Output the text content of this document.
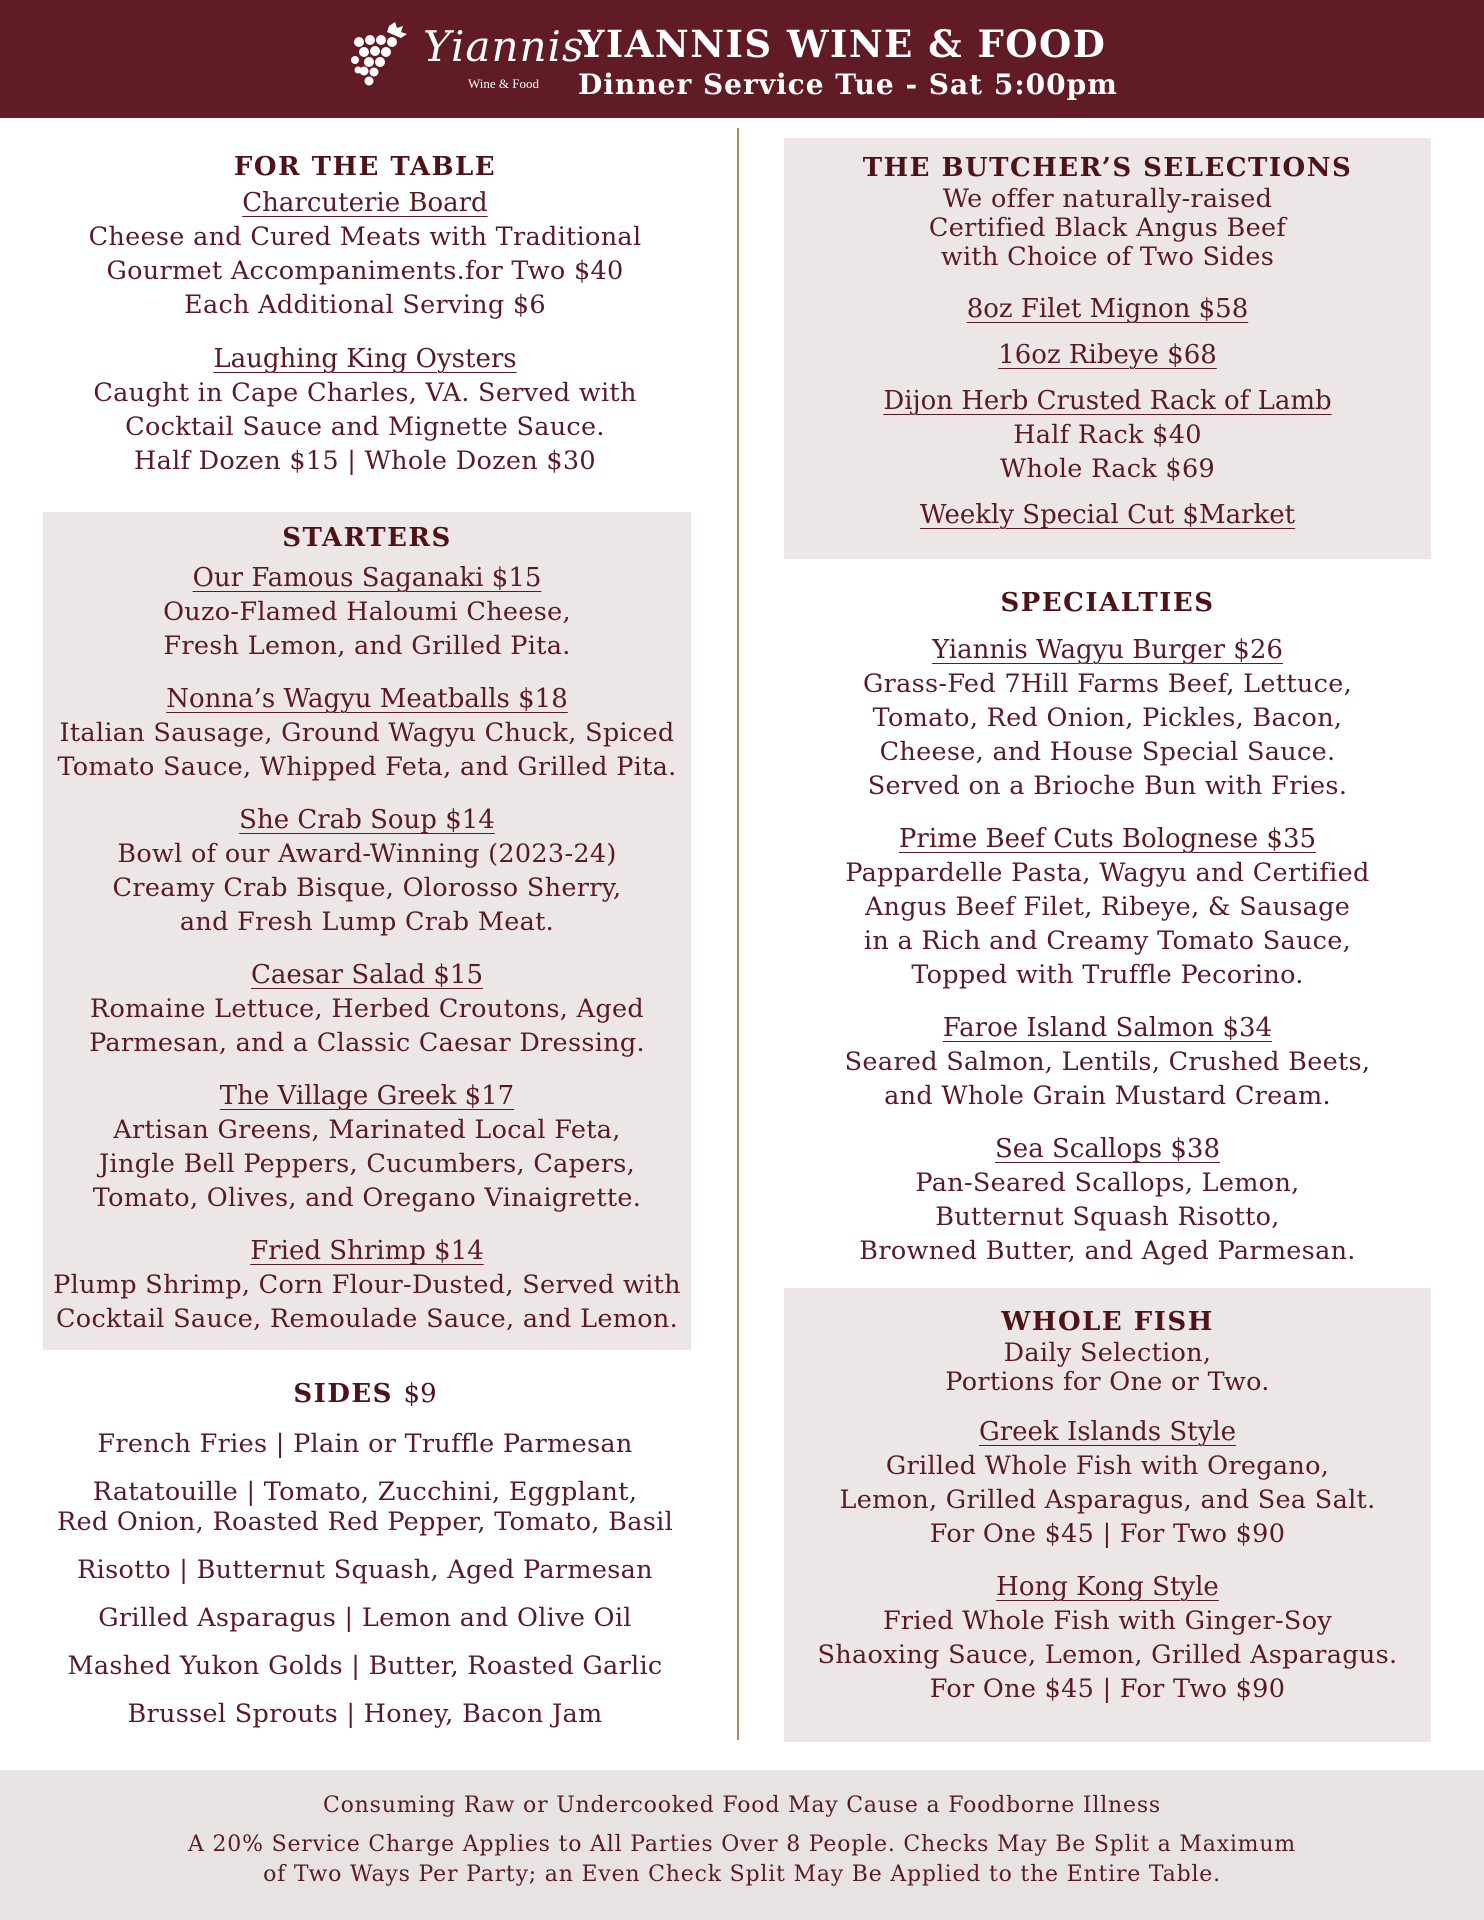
Yiannis
Wine & Food
YIANNIS WINE & FOOD
Dinner Service Tue - Sat 5:00pm
FOR THE TABLE
Charcuterie Board
Cheese and Cured Meats with Traditional
Gourmet Accompaniments.for Two $40
Each Additional Serving $6
Laughing King Oysters
Caught in Cape Charles, VA. Served with
Cocktail Sauce and Mignette Sauce.
Half Dozen $15 | Whole Dozen $30
STARTERS
Our Famous Saganaki $15
Ouzo-Flamed Haloumi Cheese,
Fresh Lemon, and Grilled Pita.
Nonna’s Wagyu Meatballs $18
Italian Sausage, Ground Wagyu Chuck, Spiced
Tomato Sauce, Whipped Feta, and Grilled Pita.
She Crab Soup $14
Bowl of our Award-Winning (2023-24)
Creamy Crab Bisque, Olorosso Sherry,
and Fresh Lump Crab Meat.
Caesar Salad $15
Romaine Lettuce, Herbed Croutons, Aged
Parmesan, and a Classic Caesar Dressing.
The Village Greek $17
Artisan Greens, Marinated Local Feta,
Jingle Bell Peppers, Cucumbers, Capers,
Tomato, Olives, and Oregano Vinaigrette.
Fried Shrimp $14
Plump Shrimp, Corn Flour-Dusted, Served with
Cocktail Sauce, Remoulade Sauce, and Lemon.
SIDES $9
French Fries | Plain or Truffle Parmesan
Ratatouille | Tomato, Zucchini, Eggplant,
Red Onion, Roasted Red Pepper, Tomato, Basil
Risotto | Butternut Squash, Aged Parmesan
Grilled Asparagus | Lemon and Olive Oil
Mashed Yukon Golds | Butter, Roasted Garlic
Brussel Sprouts | Honey, Bacon Jam
THE BUTCHER’S SELECTIONS
We offer naturally-raised
Certified Black Angus Beef
with Choice of Two Sides
8oz Filet Mignon $58
16oz Ribeye $68
Dijon Herb Crusted Rack of Lamb
Half Rack $40
Whole Rack $69
Weekly Special Cut $Market
SPECIALTIES
Yiannis Wagyu Burger $26
Grass-Fed 7Hill Farms Beef, Lettuce,
Tomato, Red Onion, Pickles, Bacon,
Cheese, and House Special Sauce.
Served on a Brioche Bun with Fries.
Prime Beef Cuts Bolognese $35
Pappardelle Pasta, Wagyu and Certified
Angus Beef Filet, Ribeye, & Sausage
in a Rich and Creamy Tomato Sauce,
Topped with Truffle Pecorino.
Faroe Island Salmon $34
Seared Salmon, Lentils, Crushed Beets,
and Whole Grain Mustard Cream.
Sea Scallops $38
Pan-Seared Scallops, Lemon,
Butternut Squash Risotto,
Browned Butter, and Aged Parmesan.
WHOLE FISH
Daily Selection,
Portions for One or Two.
Greek Islands Style
Grilled Whole Fish with Oregano,
Lemon, Grilled Asparagus, and Sea Salt.
For One $45 | For Two $90
Hong Kong Style
Fried Whole Fish with Ginger-Soy
Shaoxing Sauce, Lemon, Grilled Asparagus.
For One $45 | For Two $90
Consuming Raw or Undercooked Food May Cause a Foodborne Illness
A 20% Service Charge Applies to All Parties Over 8 People. Checks May Be Split a Maximum
of Two Ways Per Party; an Even Check Split May Be Applied to the Entire Table.
